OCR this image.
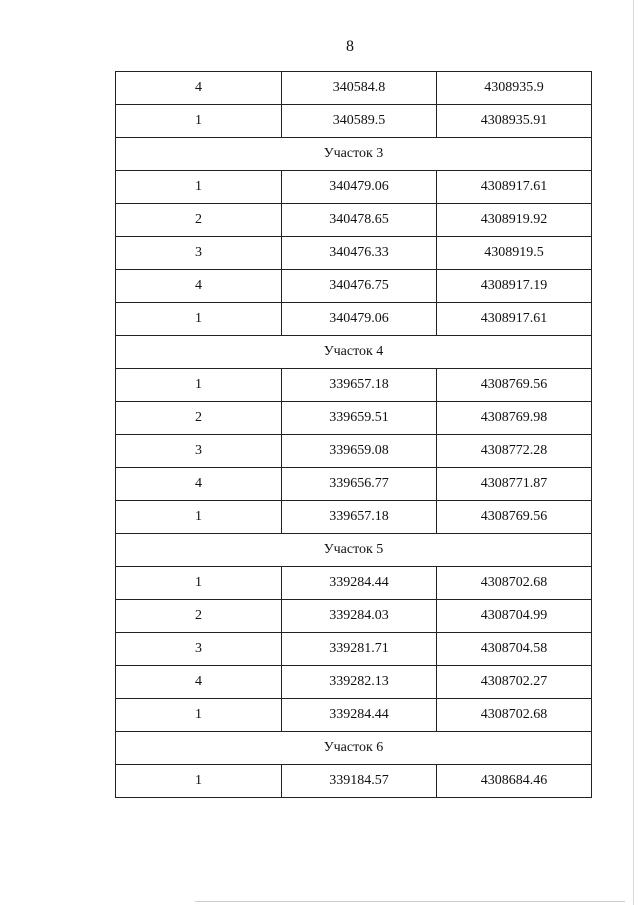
8
4	340584.8	4308935.9
1	340589.5	4308935.91
Участок 3		
1	340479.06	4308917.61
2	340478.65	4308919.92
3	340476.33	4308919.5
4	340476.75	4308917.19
1	340479.06	4308917.61
Участок 4		
1	339657.18	4308769.56
2	339659.51	4308769.98
3	339659.08	4308772.28
4	339656.77	4308771.87
1	339657.18	4308769.56
Участок 5		
1	339284.44	4308702.68
2	339284.03	4308704.99
3	339281.71	4308704.58
4	339282.13	4308702.27
1	339284.44	4308702.68
Участок 6		
1	339184.57	4308684.46
